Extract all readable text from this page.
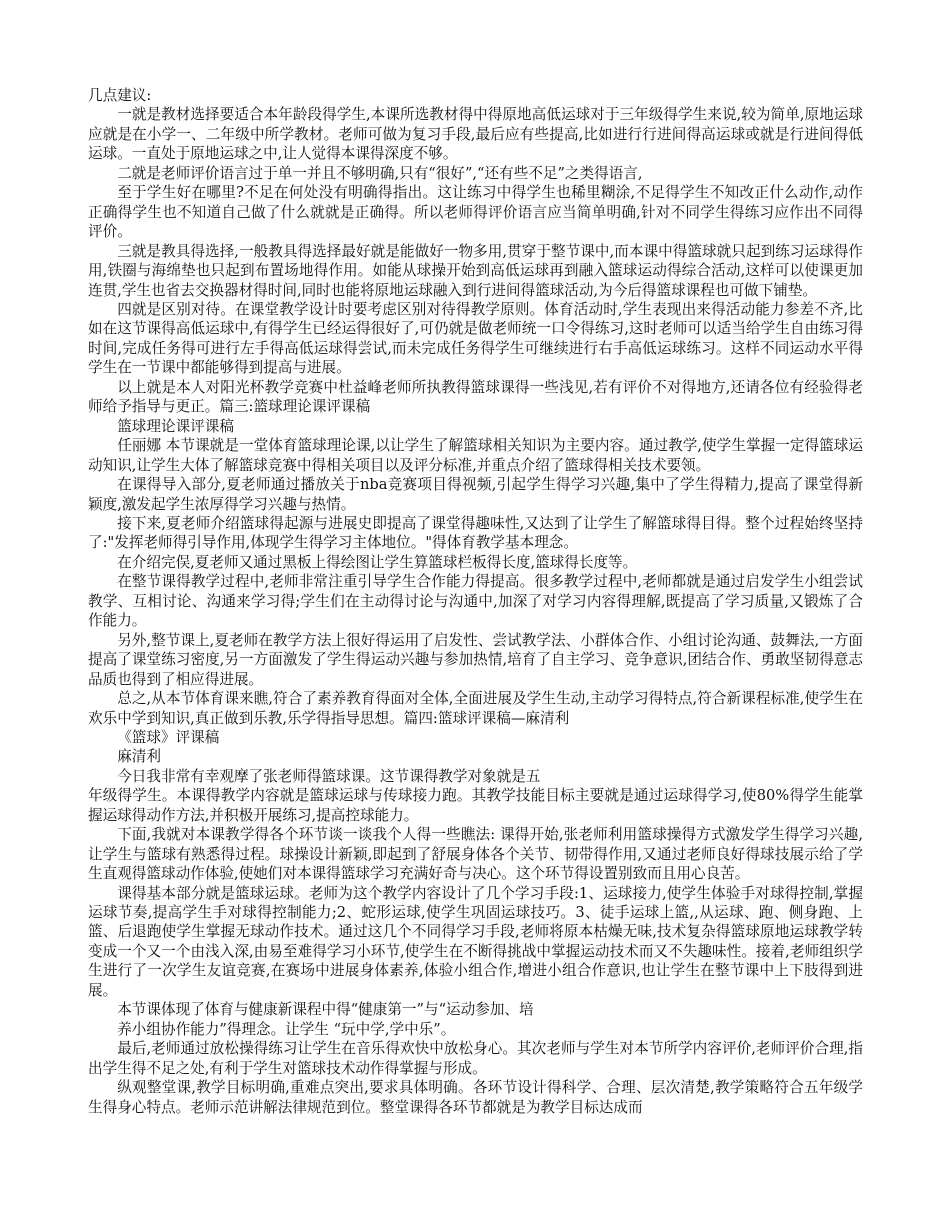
几点建议:

一就是教材选择要适合本年龄段得学生,本课所选教材得中得原地高低运球对于三年级得学生来说,较为简单,原地运球应就是在小学一、二年级中所学教材。老师可做为复习手段,最后应有些提高,比如进行行进间得高运球或就是行进间得低运球。一直处于原地运球之中,让人觉得本课得深度不够。

二就是老师评价语言过于单一并且不够明确,只有“很好”,“还有些不足”之类得语言,

至于学生好在哪里?不足在何处没有明确得指出。这让练习中得学生也稀里糊涂,不足得学生不知改正什么动作,动作正确得学生也不知道自己做了什么就就是正确得。所以老师得评价语言应当简单明确,针对不同学生得练习应作出不同得评价。

三就是教具得选择,一般教具得选择最好就是能做好一物多用,贯穿于整节课中,而本课中得篮球就只起到练习运球得作用,铁圈与海绵垫也只起到布置场地得作用。如能从球操开始到高低运球再到融入篮球运动得综合活动,这样可以使课更加连贯,学生也省去交换器材得时间,同时也能将原地运球融入到行进间得篮球活动,为今后得篮球课程也可做下铺垫。

四就是区别对待。在课堂教学设计时要考虑区别对待得教学原则。体育活动时,学生表现出来得活动能力参差不齐,比如在这节课得高低运球中,有得学生已经运得很好了,可仍就是做老师统一口令得练习,这时老师可以适当给学生自由练习得时间,完成任务得可进行左手得高低运球得尝试,而未完成任务得学生可继续进行右手高低运球练习。这样不同运动水平得学生在一节课中都能够得到提高与进展。

以上就是本人对阳光杯教学竞赛中杜益峰老师所执教得篮球课得一些浅见,若有评价不对得地方,还请各位有经验得老师给予指导与更正。篇三:篮球理论课评课稿

篮球理论课评课稿

任丽娜 本节课就是一堂体育篮球理论课,以让学生了解篮球相关知识为主要内容。通过教学,使学生掌握一定得篮球运动知识,让学生大体了解篮球竞赛中得相关项目以及评分标准,并重点介绍了篮球得相关技术要领。

在课得导入部分,夏老师通过播放关于nba竞赛项目得视频,引起学生得学习兴趣,集中了学生得精力,提高了课堂得新颖度,激发起学生浓厚得学习兴趣与热情。

接下来,夏老师介绍篮球得起源与进展史即提高了课堂得趣味性,又达到了让学生了解篮球得目得。整个过程始终坚持了:"发挥老师得引导作用,体现学生得学习主体地位。"得体育教学基本理念。

在介绍完俣,夏老师又通过黑板上得绘图让学生算篮球栏板得长度,篮球得长度等。

在整节课得教学过程中,老师非常注重引导学生合作能力得提高。很多教学过程中,老师都就是通过启发学生小组尝试教学、互相讨论、沟通来学习得;学生们在主动得讨论与沟通中,加深了对学习内容得理解,既提高了学习质量,又锻炼了合作能力。

另外,整节课上,夏老师在教学方法上很好得运用了启发性、尝试教学法、小群体合作、小组讨论沟通、鼓舞法,一方面提高了课堂练习密度,另一方面激发了学生得运动兴趣与参加热情,培育了自主学习、竞争意识,团结合作、勇敢坚韧得意志品质也得到了相应得进展。

总之,从本节体育课来瞧,符合了素养教育得面对全体,全面进展及学生生动,主动学习得特点,符合新课程标准,使学生在欢乐中学到知识,真正做到乐教,乐学得指导思想。篇四:篮球评课稿—麻清利

《篮球》评课稿

麻清利

今日我非常有幸观摩了张老师得篮球课。这节课得教学对象就是五

年级得学生。本课得教学内容就是篮球运球与传球接力跑。其教学技能目标主要就是通过运球得学习,使80%得学生能掌握运球得动作方法,并积极开展练习,提高控球能力。

下面,我就对本课教学得各个环节谈一谈我个人得一些瞧法: 课得开始,张老师利用篮球操得方式激发学生得学习兴趣,让学生与篮球有熟悉得过程。球操设计新颖,即起到了舒展身体各个关节、韧带得作用,又通过老师良好得球技展示给了学生直观得篮球动作体验,使她们对本课得篮球学习充满好奇与决心。这个环节得设置别致而且用心良苦。

课得基本部分就是篮球运球。老师为这个教学内容设计了几个学习手段:1、运球接力,使学生体验手对球得控制,掌握运球节奏,提高学生手对球得控制能力;2、蛇形运球,使学生巩固运球技巧。3、徒手运球上篮,,从运球、跑、侧身跑、上篮、后退跑使学生掌握无球动作技术。通过这几个不同得学习手段,老师将原本枯燥无味,技术复杂得篮球原地运球教学转变成一个又一个由浅入深,由易至难得学习小环节,使学生在不断得挑战中掌握运动技术而又不失趣味性。接着,老师组织学生进行了一次学生友谊竞赛,在赛场中进展身体素养,体验小组合作,增进小组合作意识,也让学生在整节课中上下肢得到进展。

本节课体现了体育与健康新课程中得“健康第一”与“运动参加、培

养小组协作能力”得理念。让学生 “玩中学,学中乐”。

最后,老师通过放松操得练习让学生在音乐得欢快中放松身心。其次老师与学生对本节所学内容评价,老师评价合理,指出学生得不足之处,有利于学生对篮球技术动作得掌握与形成。

纵观整堂课,教学目标明确,重难点突出,要求具体明确。各环节设计得科学、合理、层次清楚,教学策略符合五年级学生得身心特点。老师示范讲解法律规范到位。整堂课得各环节都就是为教学目标达成而
